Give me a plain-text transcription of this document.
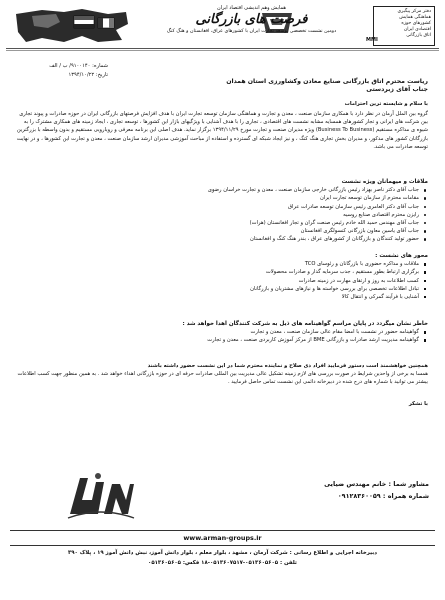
همایش وهم اندیشی اقتصاد ایران
فرصت های بازرگانی
دومین نشست تخصصی توسعه تجارت ایران با کشورهای عراق، افغانستان و هنگ کنگ
دفتر مرکز پیگیری
هماهنگی همایش
کشورهای حوزه
اقتصادی ایران
اتاق بازرگانی
MMI
شماره: ۹۱۰۰۱۴۰/ ب / الف
تاریخ: ۱۳۹۴/۱۰/۲۲
ریاست محترم اتاق بازرگانی صنایع معادن وکشاورزی استان همدان
جناب آقای زبردستی
با سلام و شایسته ترین احترامات
گروه بین الملل آرمان در نظر دارد با همکاری سازمان صنعت ، معدن و تجارت و هماهنگی سازمان توسعه تجارت ایران با هدف افزایش فرصتهای بازرگانی ایران در حوزه صادرات و پیوند تجاری بین شرکت های ایرانی و تجار کشورهای همسایه مشابه نشست های اقتصادی ، تجاری را با هدف آشنایی با ویژگیهای بازار این کشورها ، توسعه تجاری ، ایجاد زمینه های همکاری مشترک را به شیوه ی مذاکره مستقیم (Business To Business) ویژه مدیران صنعت و تجارت مورخ ۱۳۹۴/۱۱/۲۹ برگزار نماید. هدف اصلی این برنامه معرفی و رویارویی مستقیم و بدون واسطه با بزرگترین بازرگانان کشور های مذکور، و مدیران بخش تجاری هنگ کنگ ، و نیز ایجاد شبکه ای گسترده و استفاده از مباحث آموزشی مدیران ارشد سازمان صنعت ، معدن و تجارت این کشورها ، و در نهایت توسعه صادرات می باشد.
ملاقات و میهمانان ویژه نشست
جناب آقای دکتر ناصر بهزاد رئیس بازرگانی خارجی سازمان صنعت ، معدن و تجارت خراسان رضوی
مقامات محترم از سازمان توسعه تجارت ایران
جناب آقای دکتر العامری رئیس سازمان توسعه صادرات عراق
رایزن محترم اقتصادی صنایع روسیه
جناب آقای مهندس حمید الله خادم رئیس صنعت گران و تجار افغانستان (هرات)
جناب آقای یاسین معاون بازرگانی کنسولگری افغانستان
حضور تولید کنندگان و بازرگانان از کشورهای عراق ، بندر هنگ کنگ و افغانستان
محور های نشست :
ملاقات و مذاکره حضوری با بازرگانان و رئوسای TCO
برگزاری ارتباط بطور مستقیم ، جذب سرمایه گذار و صادرات محصولات
کسب اطلاعات به روز و ارتقای مهارت در زمینه صادرات
تبادل اطلاعات تخصصی برای بررسی خواسته ها و نیازهای مشتریان و بازرگانان
آشنایی با فرآیند گمرکی و انتقال کالا
خاطر نشان میگردد در پایان مراسم گواهینامه های ذیل به شرکت کنندگان اهدا خواهد شد :
گواهینامه حضور در نشست با امضا مقام عالی سازمان صنعت ، معدن و تجارت
گواهینامه مدیریت ارشد صادرات و بازرگانی BME از مرکز آموزش کاربردی صنعت ، معدن و تجارت
همچنین خواهشمند است دستور فرمایید افراد ذی صلاح و نماینده محترم شما در این نشست حضور داشته باشند
همسا به برخی از واحدین شرایط در صورت بررسی های لازم زمینه تشکیل عالی مدیریت بین المللی صادرات حرفه ای در حوزه بازرگانی اهداء خواهد شد . به همین منظور جهت کسب اطلاعات بیشتر می توانید با شماره های درج شده در دبیرخانه دائمی این نشست تماس حاصل فرمایید .
با تشکر
مشاور شما : خانم مهندس ضیایی
شماره همراه : ۰۹۱۲۸۳۶۰۰۵۹
www.arman-groups.ir
دبیرخانه اجرایی و اطلاع رسانی : شرکت آرمان ، مشهد ، بلوار معلم ، بلوار دانش آموز، نبش دانش آموز ۱۹ ، پلاک ۳۹۰
تلفن : ۰۵۱۳۶۰۵۶۰۵-۰۵۱۳۶۰۷۵۱۷-۱۸ فکس: ۰۵۱۳۶۰۵۶۰۵
